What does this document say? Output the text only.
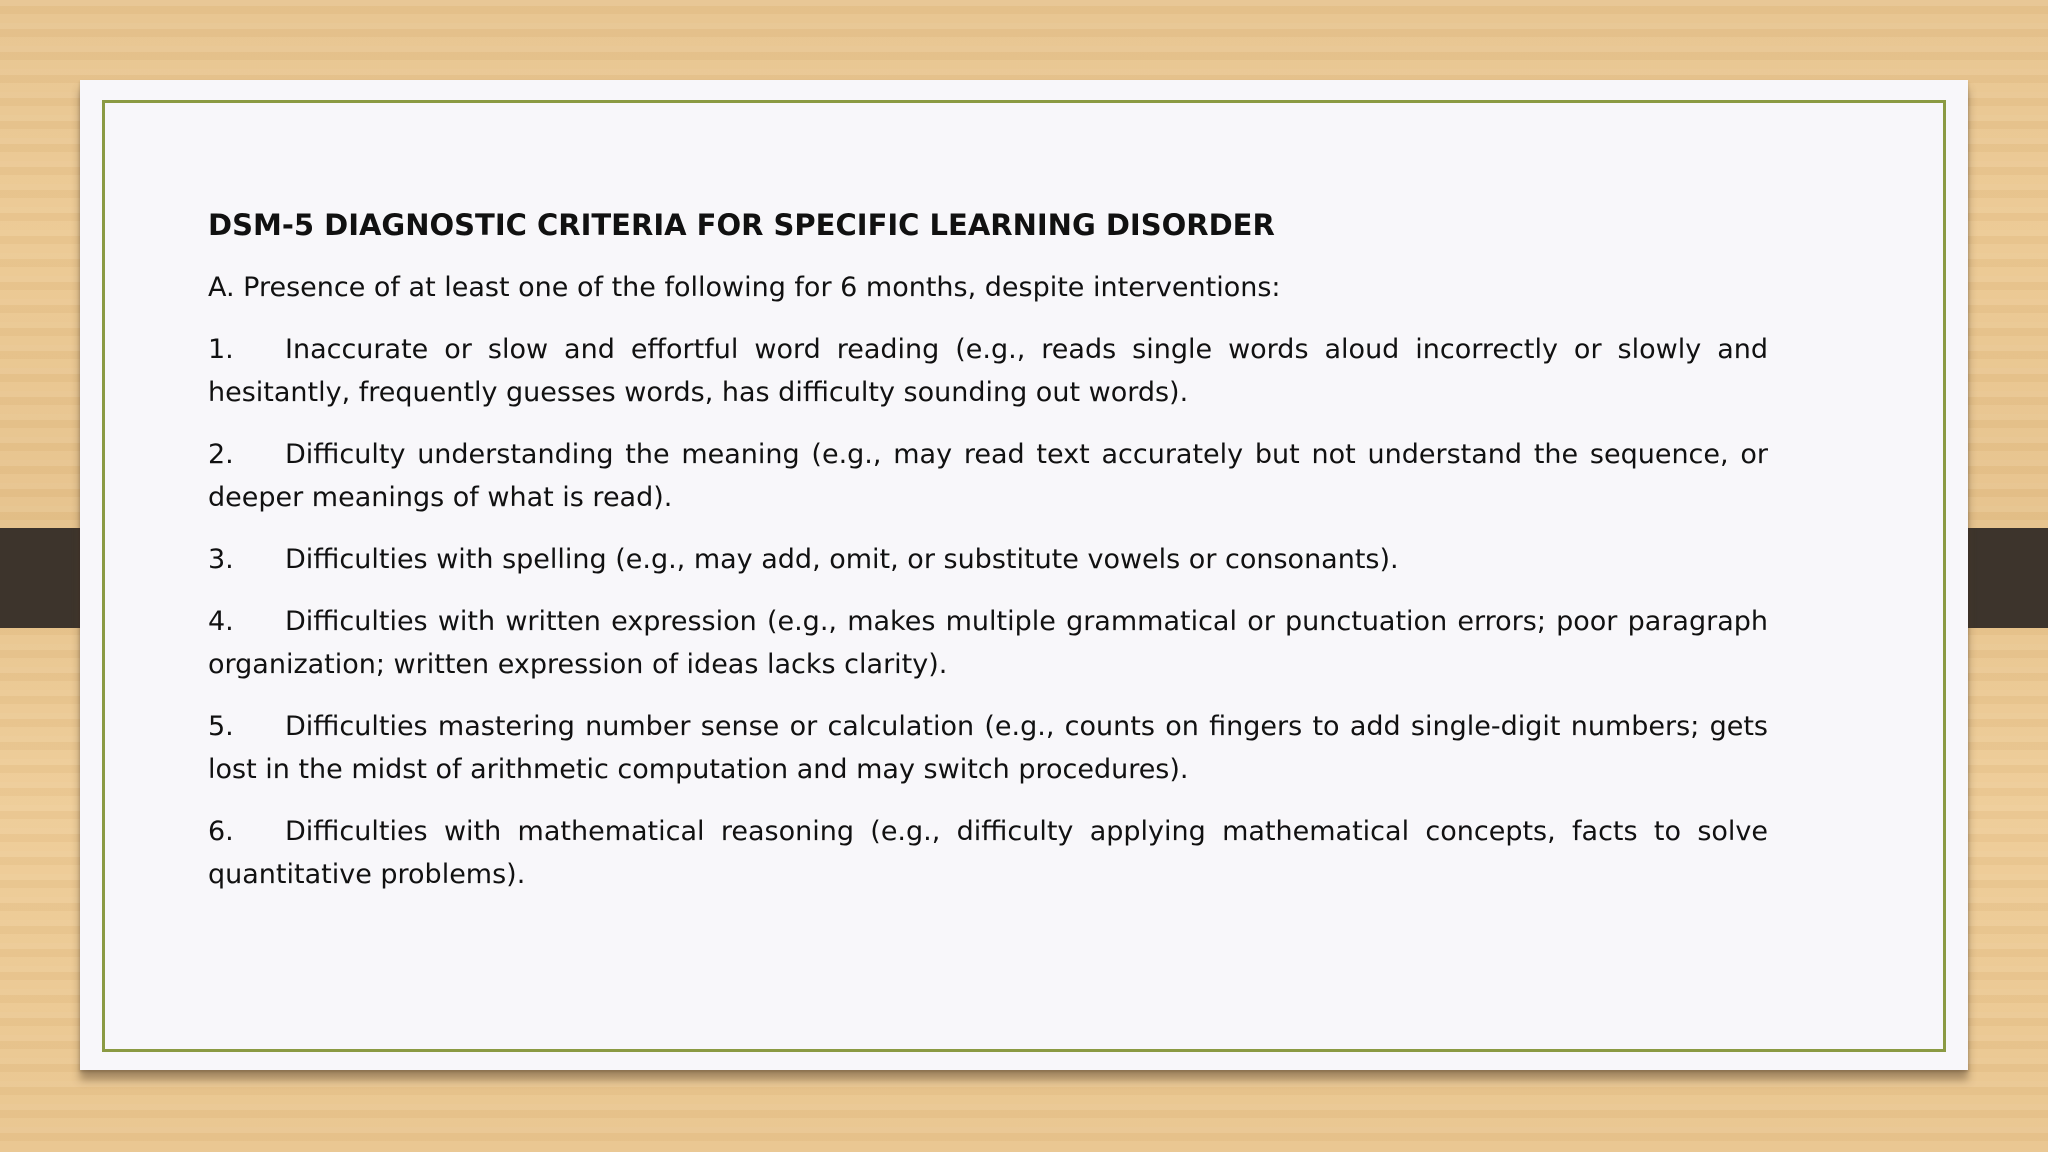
DSM-5 DIAGNOSTIC CRITERIA FOR SPECIFIC LEARNING DISORDER
A. Presence of at least one of the following for 6 months, despite interventions:
1. Inaccurate or slow and effortful word reading (e.g., reads single words aloud incorrectly or slowly and hesitantly, frequently guesses words, has difficulty sounding out words).
2. Difficulty understanding the meaning (e.g., may read text accurately but not understand the sequence, or deeper meanings of what is read).
3. Difficulties with spelling (e.g., may add, omit, or substitute vowels or consonants).
4. Difficulties with written expression (e.g., makes multiple grammatical or punctuation errors; poor paragraph organization; written expression of ideas lacks clarity).
5. Difficulties mastering number sense or calculation (e.g., counts on fingers to add single-digit numbers; gets lost in the midst of arithmetic computation and may switch procedures).
6. Difficulties with mathematical reasoning (e.g., difficulty applying mathematical concepts, facts to solve quantitative problems).
